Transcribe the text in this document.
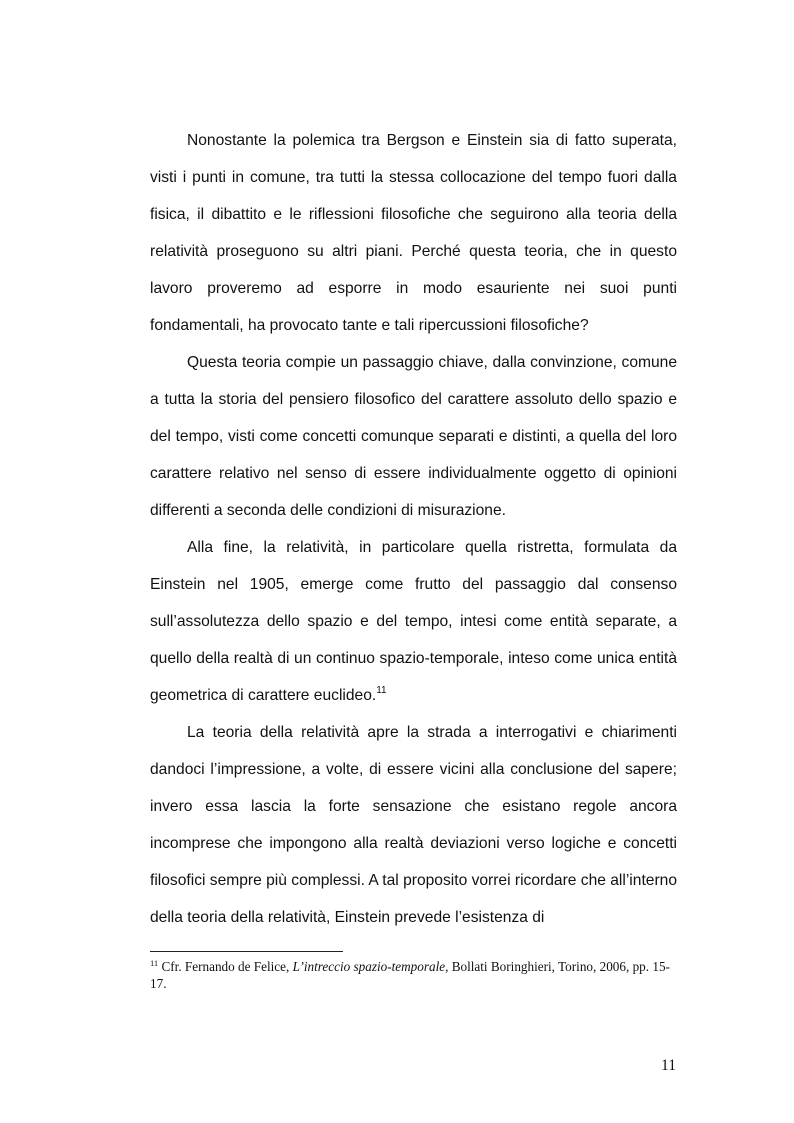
Nonostante la polemica tra Bergson e Einstein sia di fatto superata, visti i punti in comune, tra tutti la stessa collocazione del tempo fuori dalla fisica, il dibattito e le riflessioni filosofiche che seguirono alla teoria della relatività proseguono su altri piani. Perché questa teoria, che in questo lavoro proveremo ad esporre in modo esauriente nei suoi punti fondamentali, ha provocato tante e tali ripercussioni filosofiche?

Questa teoria compie un passaggio chiave, dalla convinzione, comune a tutta la storia del pensiero filosofico del carattere assoluto dello spazio e del tempo, visti come concetti comunque separati e distinti, a quella del loro carattere relativo nel senso di essere individualmente oggetto di opinioni differenti a seconda delle condizioni di misurazione.

Alla fine, la relatività, in particolare quella ristretta, formulata da Einstein nel 1905, emerge come frutto del passaggio dal consenso sull’assolutezza dello spazio e del tempo, intesi come entità separate, a quello della realtà di un continuo spazio-temporale, inteso come unica entità geometrica di carattere euclideo.$^{11}$

La teoria della relatività apre la strada a interrogativi e chiarimenti dandoci l’impressione, a volte, di essere vicini alla conclusione del sapere; invero essa lascia la forte sensazione che esistano regole ancora incomprese che impongono alla realtà deviazioni verso logiche e concetti filosofici sempre più complessi. A tal proposito vorrei ricordare che all’interno della teoria della relatività, Einstein prevede l’esistenza di

$^{11}$ Cfr. Fernando de Felice, L’intreccio spazio-temporale, Bollati Boringhieri, Torino, 2006, pp. 15-17.

11
